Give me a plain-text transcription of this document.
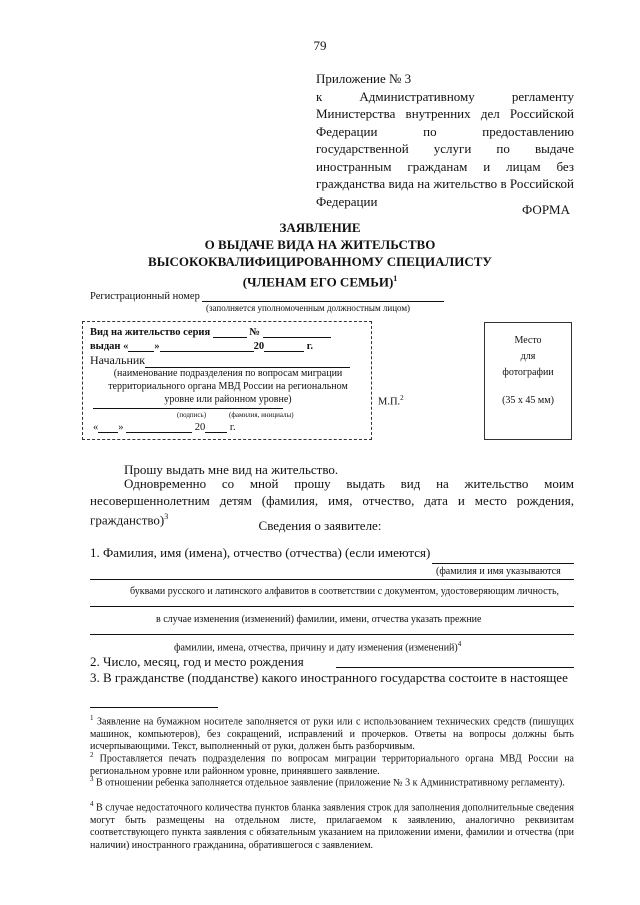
79
Приложение № 3
к Административному регламенту Министерства внутренних дел Российской Федерации по предоставлению государственной услуги по выдаче иностранным гражданам и лицам без гражданства вида на жительство в Российской Федерации
ФОРМА
ЗАЯВЛЕНИЕ
О ВЫДАЧЕ ВИДА НА ЖИТЕЛЬСТВО
ВЫСОКОКВАЛИФИЦИРОВАННОМУ СПЕЦИАЛИСТУ
(ЧЛЕНАМ ЕГО СЕМЬИ)$^1$
Регистрационный номер
(заполняется уполномоченным должностным лицом)
Вид на жительство серия	№
выдан « »	20	г.
Начальник
(наименование подразделения по вопросам миграции территориального органа МВД России на региональном уровне или районном уровне)
(подпись)	(фамилия, инициалы)
« »	20 г.
М.П.$^2$
Место
для
фотографии
(35 х 45 мм)
Прошу выдать мне вид на жительство.
Одновременно со мной прошу выдать вид на жительство моим несовершеннолетним детям (фамилия, имя, отчество, дата и место рождения, гражданство)$^3$
Сведения о заявителе:
1. Фамилия, имя (имена), отчество (отчества) (если имеются)
(фамилия и имя указываются
буквами русского и латинского алфавитов в соответствии с документом, удостоверяющим личность,
в случае изменения (изменений) фамилии, имени, отчества указать прежние
фамилии, имена, отчества, причину и дату изменения (изменений)$^4$
2. Число, месяц, год и место рождения
3. В гражданстве (подданстве) какого иностранного государства состоите в настоящее
$^1$ Заявление на бумажном носителе заполняется от руки или с использованием технических средств (пишущих машинок, компьютеров), без сокращений, исправлений и прочерков. Ответы на вопросы должны быть исчерпывающими. Текст, выполненный от руки, должен быть разборчивым.
$^2$ Проставляется печать подразделения по вопросам миграции территориального органа МВД России на региональном уровне или районном уровне, принявшего заявление.
$^3$ В отношении ребенка заполняется отдельное заявление (приложение № 3 к Административному регламенту).
$^4$ В случае недостаточного количества пунктов бланка заявления строк для заполнения дополнительные сведения могут быть размещены на отдельном листе, прилагаемом к заявлению, аналогично реквизитам соответствующего пункта заявления с обязательным указанием на приложении имени, фамилии и отчества (при наличии) иностранного гражданина, обратившегося с заявлением.
